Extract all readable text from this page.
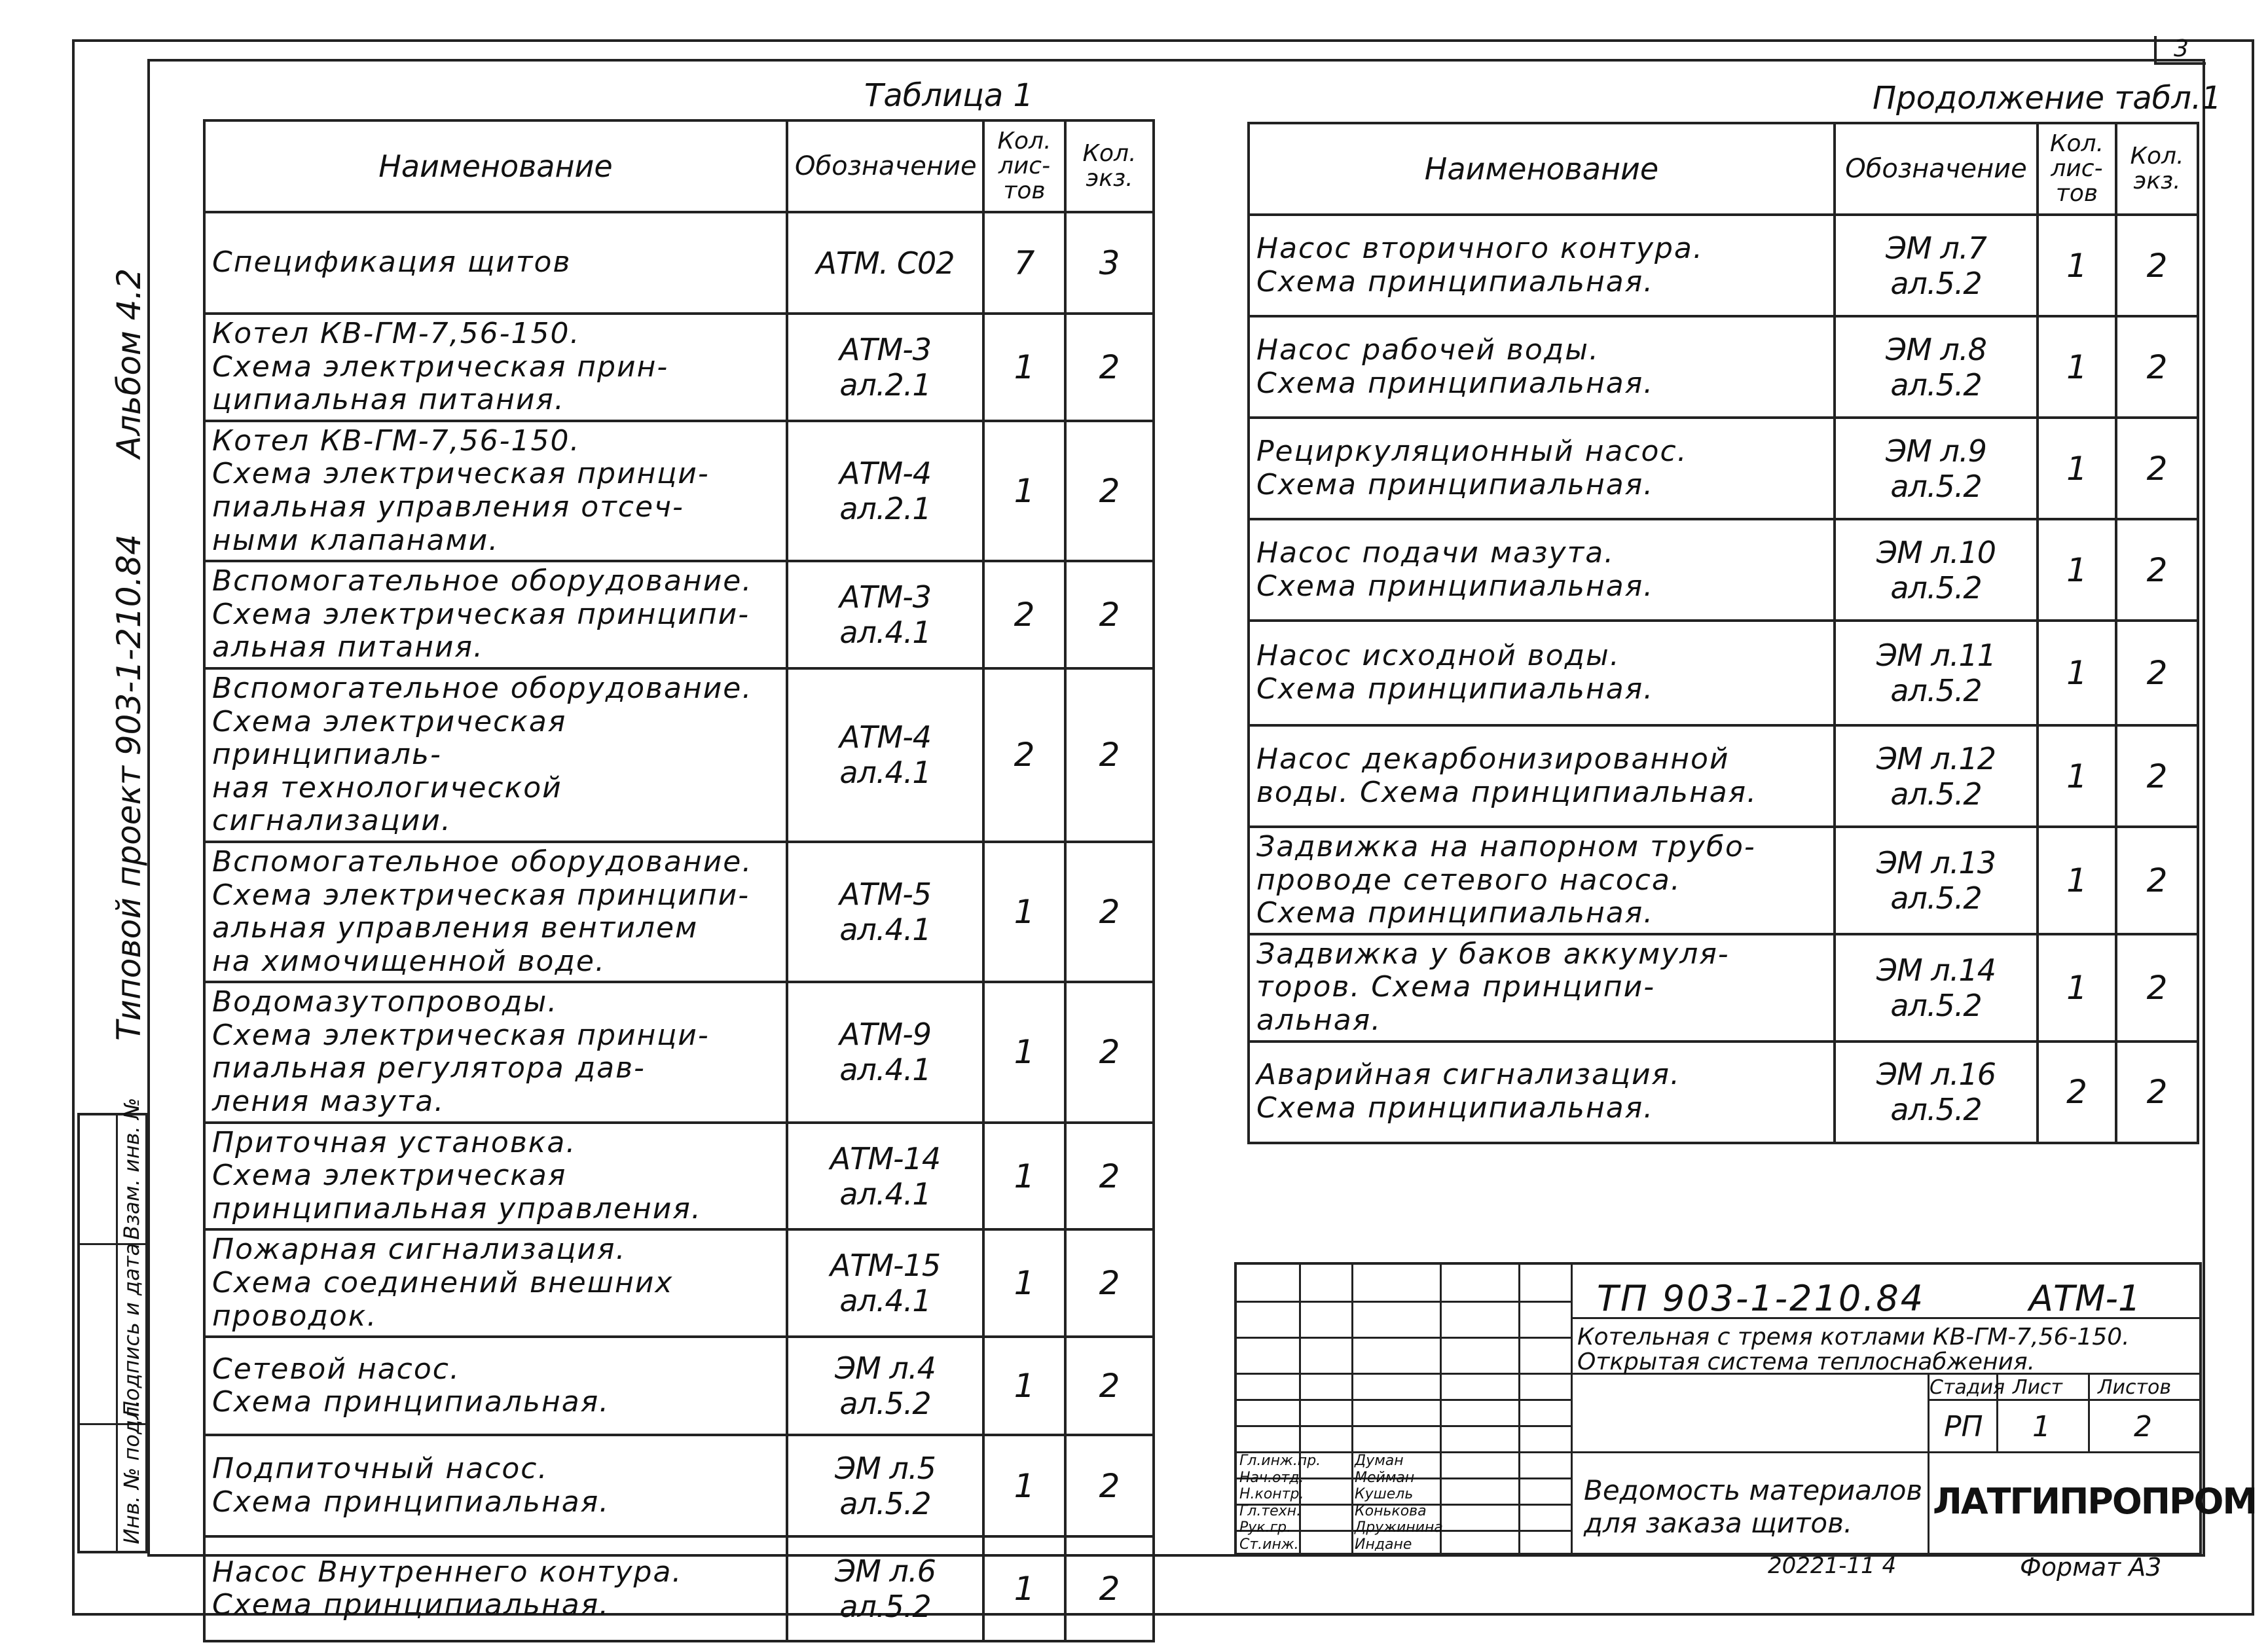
3
Альбом 4.2
Типовой проект 903-1-210.84
Взам. инв. №
Подпись и дата
Инв. № подл.
Таблица 1
Наименование	Обозначение	Кол. лис- тов	Кол. экз.
Спецификация щитов	АТМ. С02	7	3
Котел КВ-ГМ-7,56-150.
Схема электрическая прин-
ципиальная питания.	АТМ-3 ал.2.1	1	2
Котел КВ-ГМ-7,56-150.
Схема электрическая принци-
пиальная управления отсеч-
ными клапанами.	АТМ-4 ал.2.1	1	2
Вспомогательное оборудование.
Схема электрическая принципи-
альная питания.	АТМ-3 ал.4.1	2	2
Вспомогательное оборудование.
Схема электрическая принципиаль-
ная технологической сигнализации.	АТМ-4 ал.4.1	2	2
Вспомогательное оборудование.
Схема электрическая принципи-
альная управления вентилем
на химочищенной воде.	АТМ-5 ал.4.1	1	2
Водомазутопроводы.
Схема электрическая принци-
пиальная регулятора дав-
ления мазута.	АТМ-9 ал.4.1	1	2
Приточная установка.
Схема электрическая
принципиальная управления.	АТМ-14 ал.4.1	1	2
Пожарная сигнализация.
Схема соединений внешних
проводок.	АТМ-15 ал.4.1	1	2
Сетевой насос.
Схема принципиальная.	ЭМ л.4 ал.5.2	1	2
Подпиточный насос.
Схема принципиальная.	ЭМ л.5 ал.5.2	1	2
Насос Внутреннего контура.
Схема принципиальная.	ЭМ л.6 ал.5.2	1	2
Продолжение табл.1
Наименование	Обозначение	Кол. лис- тов	Кол. экз.
Насос вторичного контура.
Схема принципиальная.	ЭМ л.7 ал.5.2	1	2
Насос рабочей воды.
Схема принципиальная.	ЭМ л.8 ал.5.2	1	2
Рециркуляционный насос.
Схема принципиальная.	ЭМ л.9 ал.5.2	1	2
Насос подачи мазута.
Схема принципиальная.	ЭМ л.10 ал.5.2	1	2
Насос исходной воды.
Схема принципиальная.	ЭМ л.11 ал.5.2	1	2
Насос декарбонизированной
воды. Схема принципиальная.	ЭМ л.12 ал.5.2	1	2
Задвижка на напорном трубо-
проводе сетевого насоса.
Схема принципиальная.	ЭМ л.13 ал.5.2	1	2
Задвижка у баков аккумуля-
торов. Схема принципи-
альная.	ЭМ л.14 ал.5.2	1	2
Аварийная сигнализация.
Схема принципиальная.	ЭМ л.16 ал.5.2	2	2
ТП 903-1-210.84	АТМ-1
Котельная с тремя котлами КВ-ГМ-7,56-150.
Открытая система теплоснабжения.
Стадия Лист Листов
РП 1	2
Ведомость материалов
для заказа щитов.
ЛАТГИПРОПРОМ
Гл.инж.пр. Думан
Нач.отд.	Мейман
Н.контр.	Кушель
Гл.техн.	Конькова
Рук.гр.	Дружинина
Ст.инж.	Индане
20221-11 4	Формат А3
